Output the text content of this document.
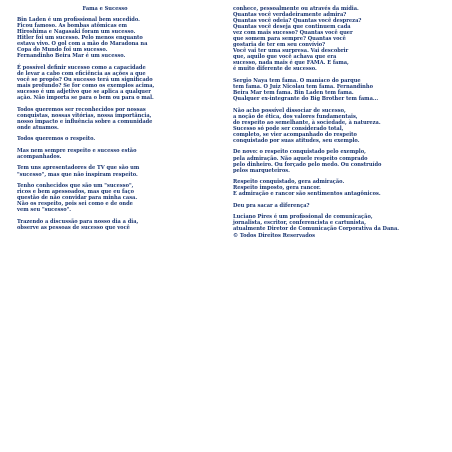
Fama e Sucesso
Bin Laden é um profissional bem sucedido.
Ficou famoso. As bombas atômicas em
Hiroshima e Nagasaki foram um sucesso.
Hitler foi um sucesso. Pelo menos enquanto
estava vivo. O gol com a mão do Maradona na
Copa do Mundo foi um sucesso.
Fernandinho Beira Mar é um sucesso.
É possível definir sucesso como a capacidade
de levar a cabo com eficiência as ações a que
você se propôs? Ou sucesso terá um significado
mais profundo? Se for como os exemplos acima,
sucesso é um adjetivo que se aplica a qualquer
ação. Não importa se para o bem ou para o mal.
Todos queremos ser reconhecidos por nossas
conquistas, nossas vitórias, nossa importância,
nosso impacto e influência sobre a comunidade
onde atuamos.
Todos queremos o respeito.
Mas nem sempre respeito e sucesso estão
acompanhados.
Tem uns apresentadores de TV que são um
"sucesso", mas que não inspiram respeito.
Tenho conhecidos que são um "sucesso",
ricos e bem apessoados, mas que eu faço
questão de não convidar para minha casa.
Não os respeito, pois sei como e de onde
vem seu "sucesso".
Trazendo a discussão para nosso dia a dia,
observe as pessoas de sucesso que você
conhece, pessoalmente ou através da mídia.
Quantas você verdadeiramente admira?
Quantas você odeia? Quantas você despreza?
Quantas você deseja que continuem cada
vez com mais sucesso? Quantas você quer
que somem para sempre? Quantas você
gostaria de ter em seu convívio?
Você vai ter uma surpresa. Vai descobrir
que, aquilo que você achava que era
sucesso, nada mais é que FAMA. E fama,
é muito diferente de sucesso.
Sergio Naya tem fama. O maníaco do parque
tem fama. O Juiz Nicolau tem fama. Fernandinho
Beira Mar tem fama. Bin Laden tem fama.
Qualquer ex-integrante do Big Brother tem fama...
Não acho possível dissociar de sucesso,
a noção de ética, dos valores fundamentais,
do respeito ao semelhante, à sociedade, à natureza.
Sucesso só pode ser considerado total,
completo, se vier acompanhado do respeito
conquistado por suas atitudes, seu exemplo.
De novo: o respeito conquistado pelo exemplo,
pela admiração. Não aquele respeito comprado
pelo dinheiro. Ou forçado pelo medo. Ou construído
pelos marqueteiros.
Respeito conquistado, gera admiração.
Respeito imposto, gera rancor.
E admiração e rancor são sentimentos antagônicos.
Deu pra sacar a diferença?
Luciano Pires é um profissional de comunicação,
jornalista, escritor, conferencista e cartunista,
atualmente Diretor de Comunicação Corporativa da Dana.
© Todos Direitos Reservados
